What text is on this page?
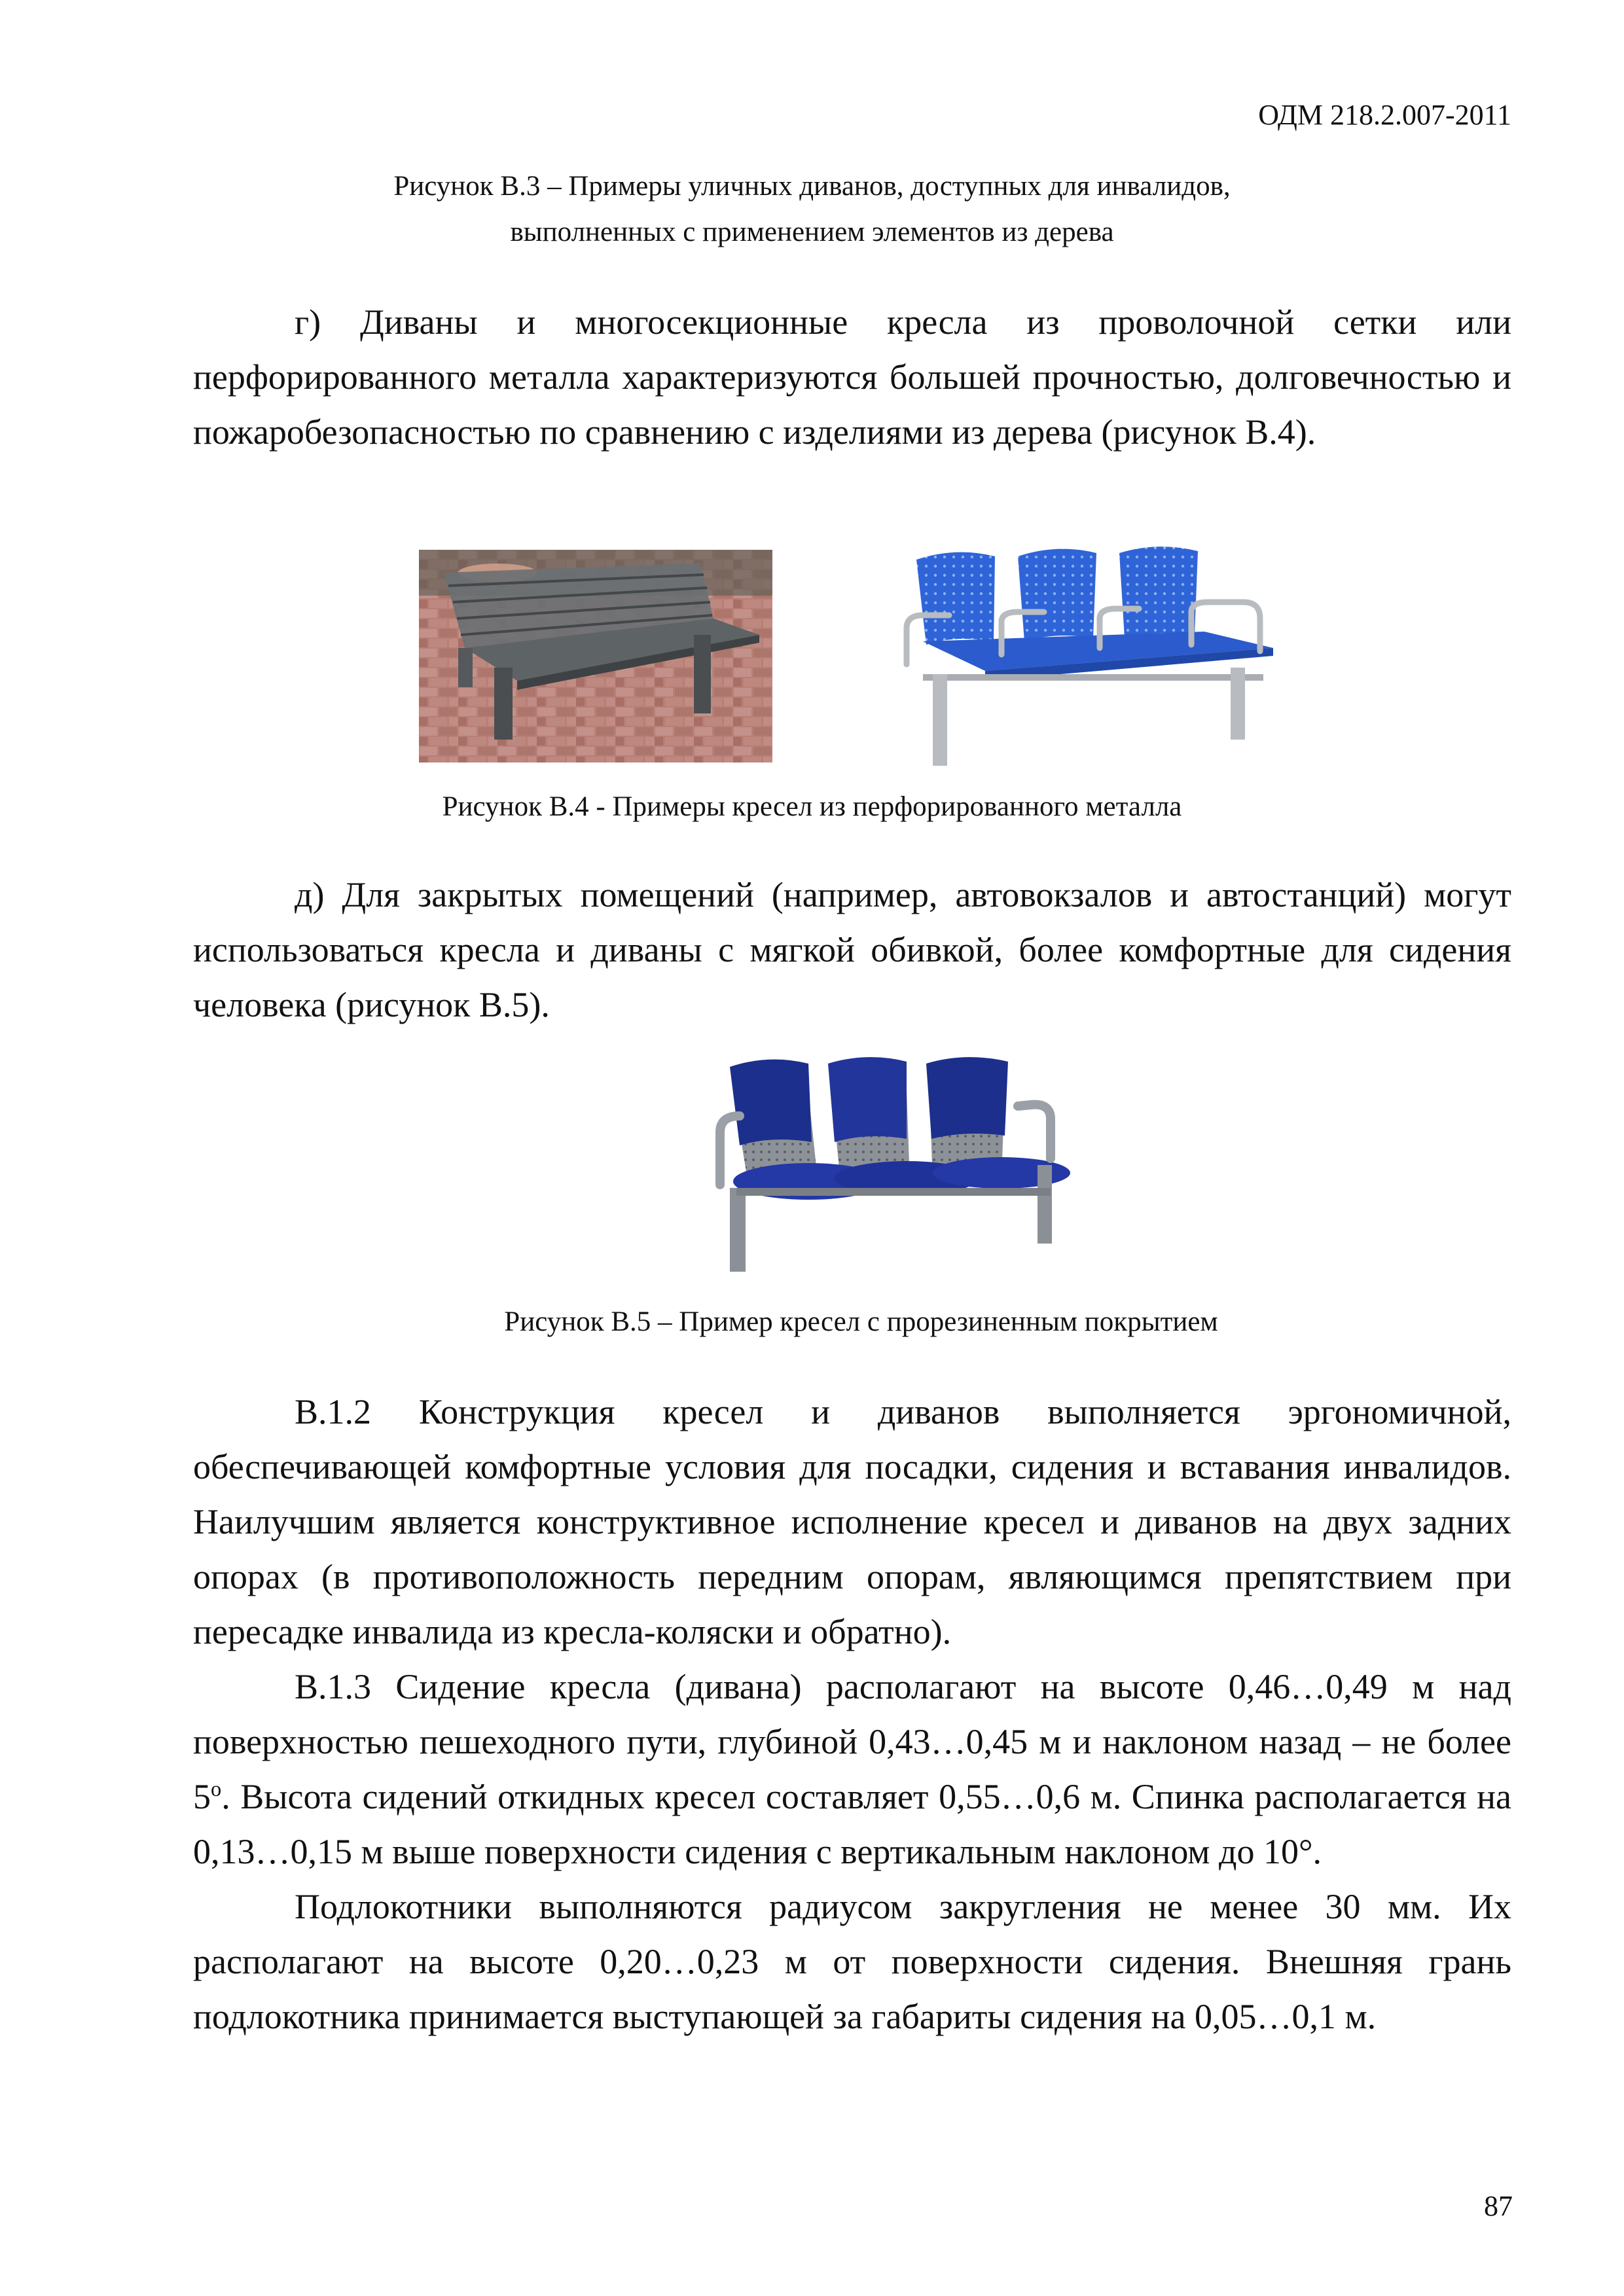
ОДМ 218.2.007-2011
Рисунок В.3 – Примеры уличных диванов, доступных для инвалидов,
выполненных с применением элементов из дерева

г) Диваны и многосекционные кресла из проволочной сетки или перфорированного металла характеризуются большей прочностью, долговечностью и пожаробезопасностью по сравнению с изделиями из дерева (рисунок В.4).

Рисунок В.4 - Примеры кресел из перфорированного металла

д) Для закрытых помещений (например, автовокзалов и автостанций) могут использоваться кресла и диваны с мягкой обивкой, более комфортные для сидения человека (рисунок В.5).

Рисунок В.5 – Пример кресел с прорезиненным покрытием

В.1.2 Конструкция кресел и диванов выполняется эргономичной, обеспечивающей комфортные условия для посадки, сидения и вставания инвалидов. Наилучшим является конструктивное исполнение кресел и диванов на двух задних опорах (в противоположность передним опорам, являющимся препятствием при пересадке инвалида из кресла-коляски и обратно).

В.1.3 Сидение кресла (дивана) располагают на высоте 0,46…0,49 м над поверхностью пешеходного пути, глубиной 0,43…0,45 м и наклоном назад – не более $5^о$. Высота сидений откидных кресел составляет 0,55…0,6 м. Спинка располагается на 0,13…0,15 м выше поверхности сидения с вертикальным наклоном до 10°.

Подлокотники выполняются радиусом закругления не менее 30 мм. Их располагают на высоте 0,20…0,23 м от поверхности сидения. Внешняя грань подлокотника принимается выступающей за габариты сидения на 0,05…0,1 м.

87
